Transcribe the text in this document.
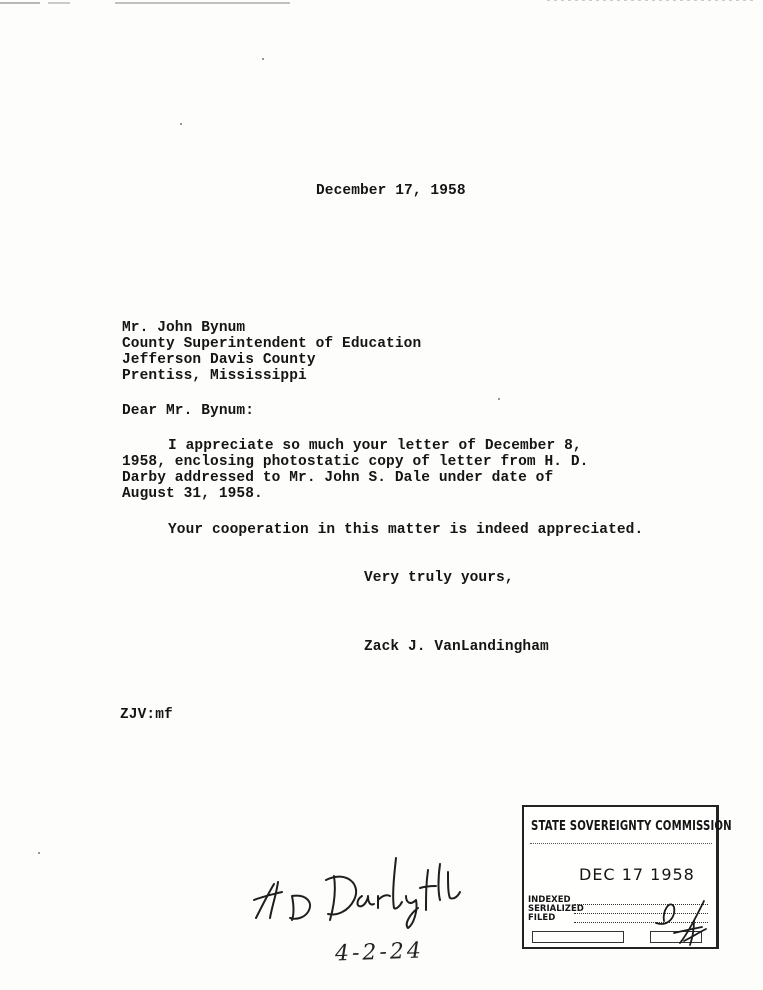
December 17, 1958

Mr. John Bynum
County Superintendent of Education
Jefferson Davis County
Prentiss, Mississippi

Dear Mr. Bynum:

I appreciate so much your letter of December 8,
1958, enclosing photostatic copy of letter from H. D.
Darby addressed to Mr. John S. Dale under date of
August 31, 1958.

Your cooperation in this matter is indeed appreciated.

Very truly yours,

Zack J. VanLandingham

ZJV:mf

4-2-24

STATE SOVEREIGNTY COMMISSION

DEC 17 1958

INDEXED
SERIALIZED
FILED
